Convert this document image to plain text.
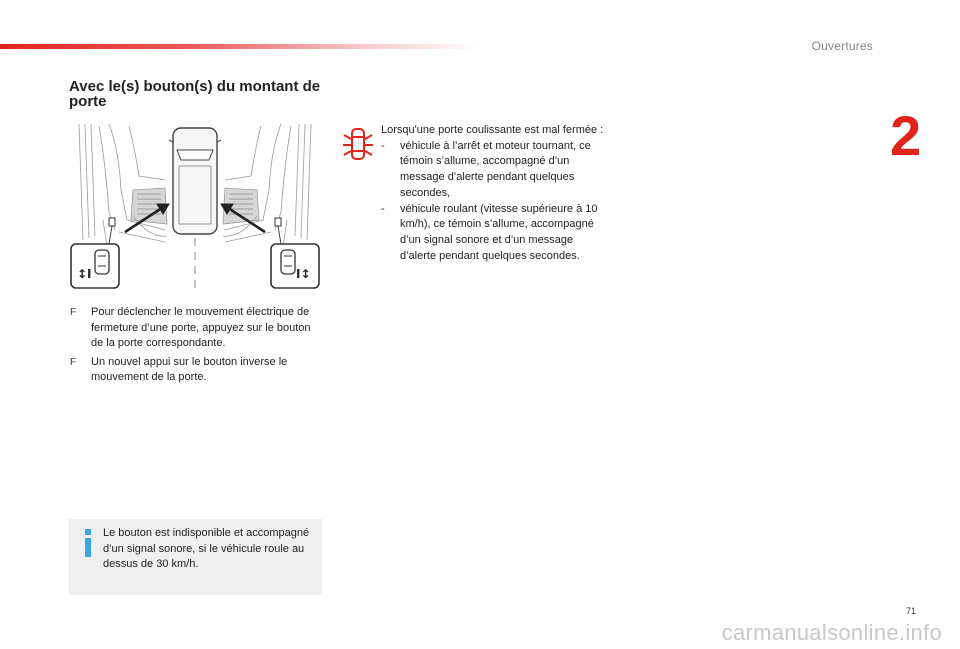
Ouvertures
2
Avec le(s) bouton(s) du montant de porte
↕I	I↕
F Pour déclencher le mouvement électrique de fermeture d’une porte, appuyez sur le bouton de la porte correspondante.
F Un nouvel appui sur le bouton inverse le mouvement de la porte.
Lorsqu'une porte coulissante est mal fermée :
- véhicule à l’arrêt et moteur tournant, ce témoin s’allume, accompagné d’un message d’alerte pendant quelques secondes,
- véhicule roulant (vitesse supérieure à 10 km/h), ce témoin s’allume, accompagné d’un signal sonore et d’un message d’alerte pendant quelques secondes.
Le bouton est indisponible et accompagné d’un signal sonore, si le véhicule roule au dessus de 30 km/h.
71
carmanualsonline.info
